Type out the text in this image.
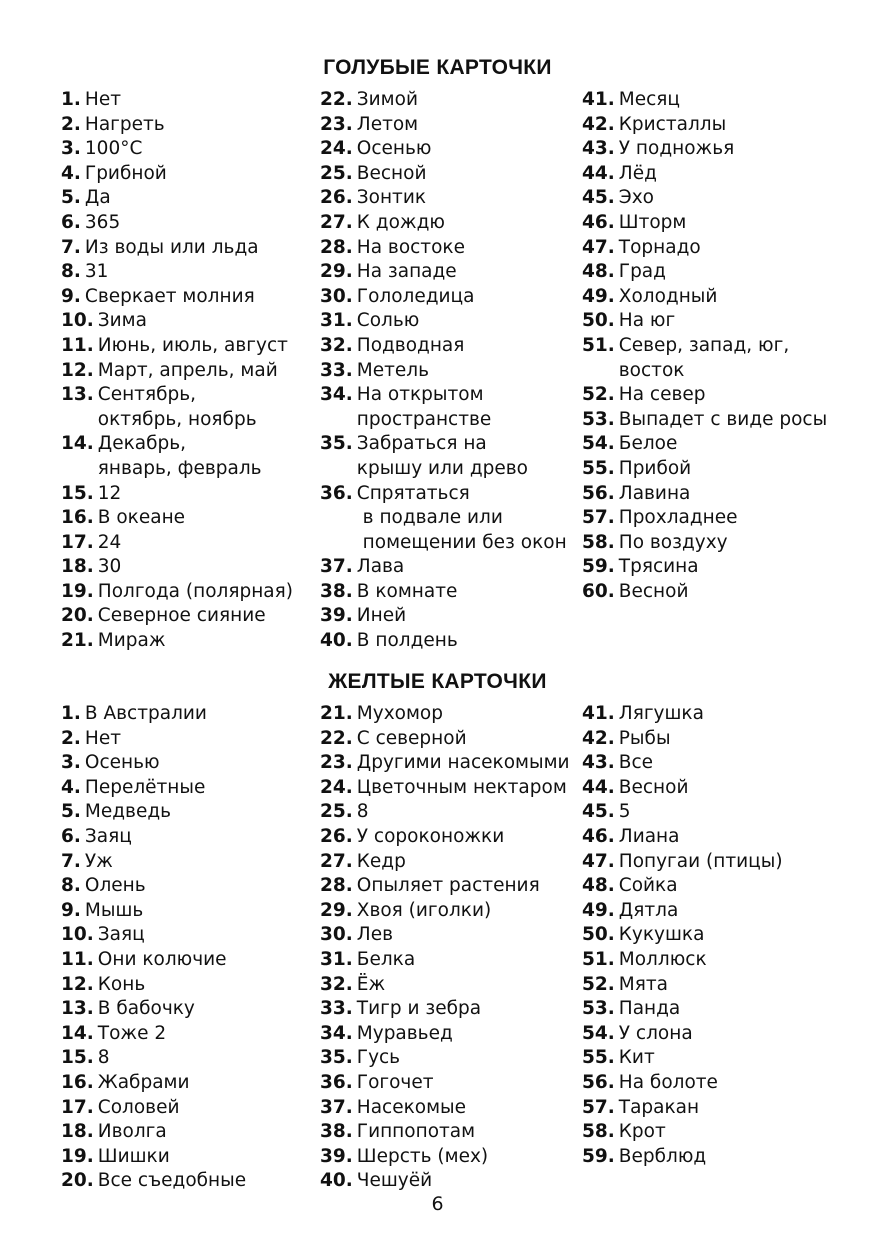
ГОЛУБЫЕ КАРТОЧКИ
1. Нет
2. Нагреть
3. 100°C
4. Грибной
5. Да
6. 365
7. Из воды или льда
8. 31
9. Сверкает молния
10. Зима
11. Июнь, июль, август
12. Март, апрель, май
13. Сентябрь,
октябрь, ноябрь
14. Декабрь,
январь, февраль
15. 12
16. В океане
17. 24
18. 30
19. Полгода (полярная)
20. Северное сияние
21. Мираж
22. Зимой
23. Летом
24. Осенью
25. Весной
26. Зонтик
27. К дождю
28. На востоке
29. На западе
30. Гололедица
31. Солью
32. Подводная
33. Метель
34. На открытом
пространстве
35. Забраться на
крышу или древо
36. Спрятаться
в подвале или
помещении без окон
37. Лава
38. В комнате
39. Иней
40. В полдень
41. Месяц
42. Кристаллы
43. У подножья
44. Лёд
45. Эхо
46. Шторм
47. Торнадо
48. Град
49. Холодный
50. На юг
51. Север, запад, юг,
восток
52. На север
53. Выпадет с виде росы
54. Белое
55. Прибой
56. Лавина
57. Прохладнее
58. По воздуху
59. Трясина
60. Весной
ЖЕЛТЫЕ КАРТОЧКИ
1. В Австралии
2. Нет
3. Осенью
4. Перелётные
5. Медведь
6. Заяц
7. Уж
8. Олень
9. Мышь
10. Заяц
11. Они колючие
12. Конь
13. В бабочку
14. Тоже 2
15. 8
16. Жабрами
17. Соловей
18. Иволга
19. Шишки
20. Все съедобные
21. Мухомор
22. С северной
23. Другими насекомыми
24. Цветочным нектаром
25. 8
26. У сороконожки
27. Кедр
28. Опыляет растения
29. Хвоя (иголки)
30. Лев
31. Белка
32. Ёж
33. Тигр и зебра
34. Муравьед
35. Гусь
36. Гогочет
37. Насекомые
38. Гиппопотам
39. Шерсть (мех)
40. Чешуёй
41. Лягушка
42. Рыбы
43. Все
44. Весной
45. 5
46. Лиана
47. Попугаи (птицы)
48. Сойка
49. Дятла
50. Кукушка
51. Моллюск
52. Мята
53. Панда
54. У слона
55. Кит
56. На болоте
57. Таракан
58. Крот
59. Верблюд
6
